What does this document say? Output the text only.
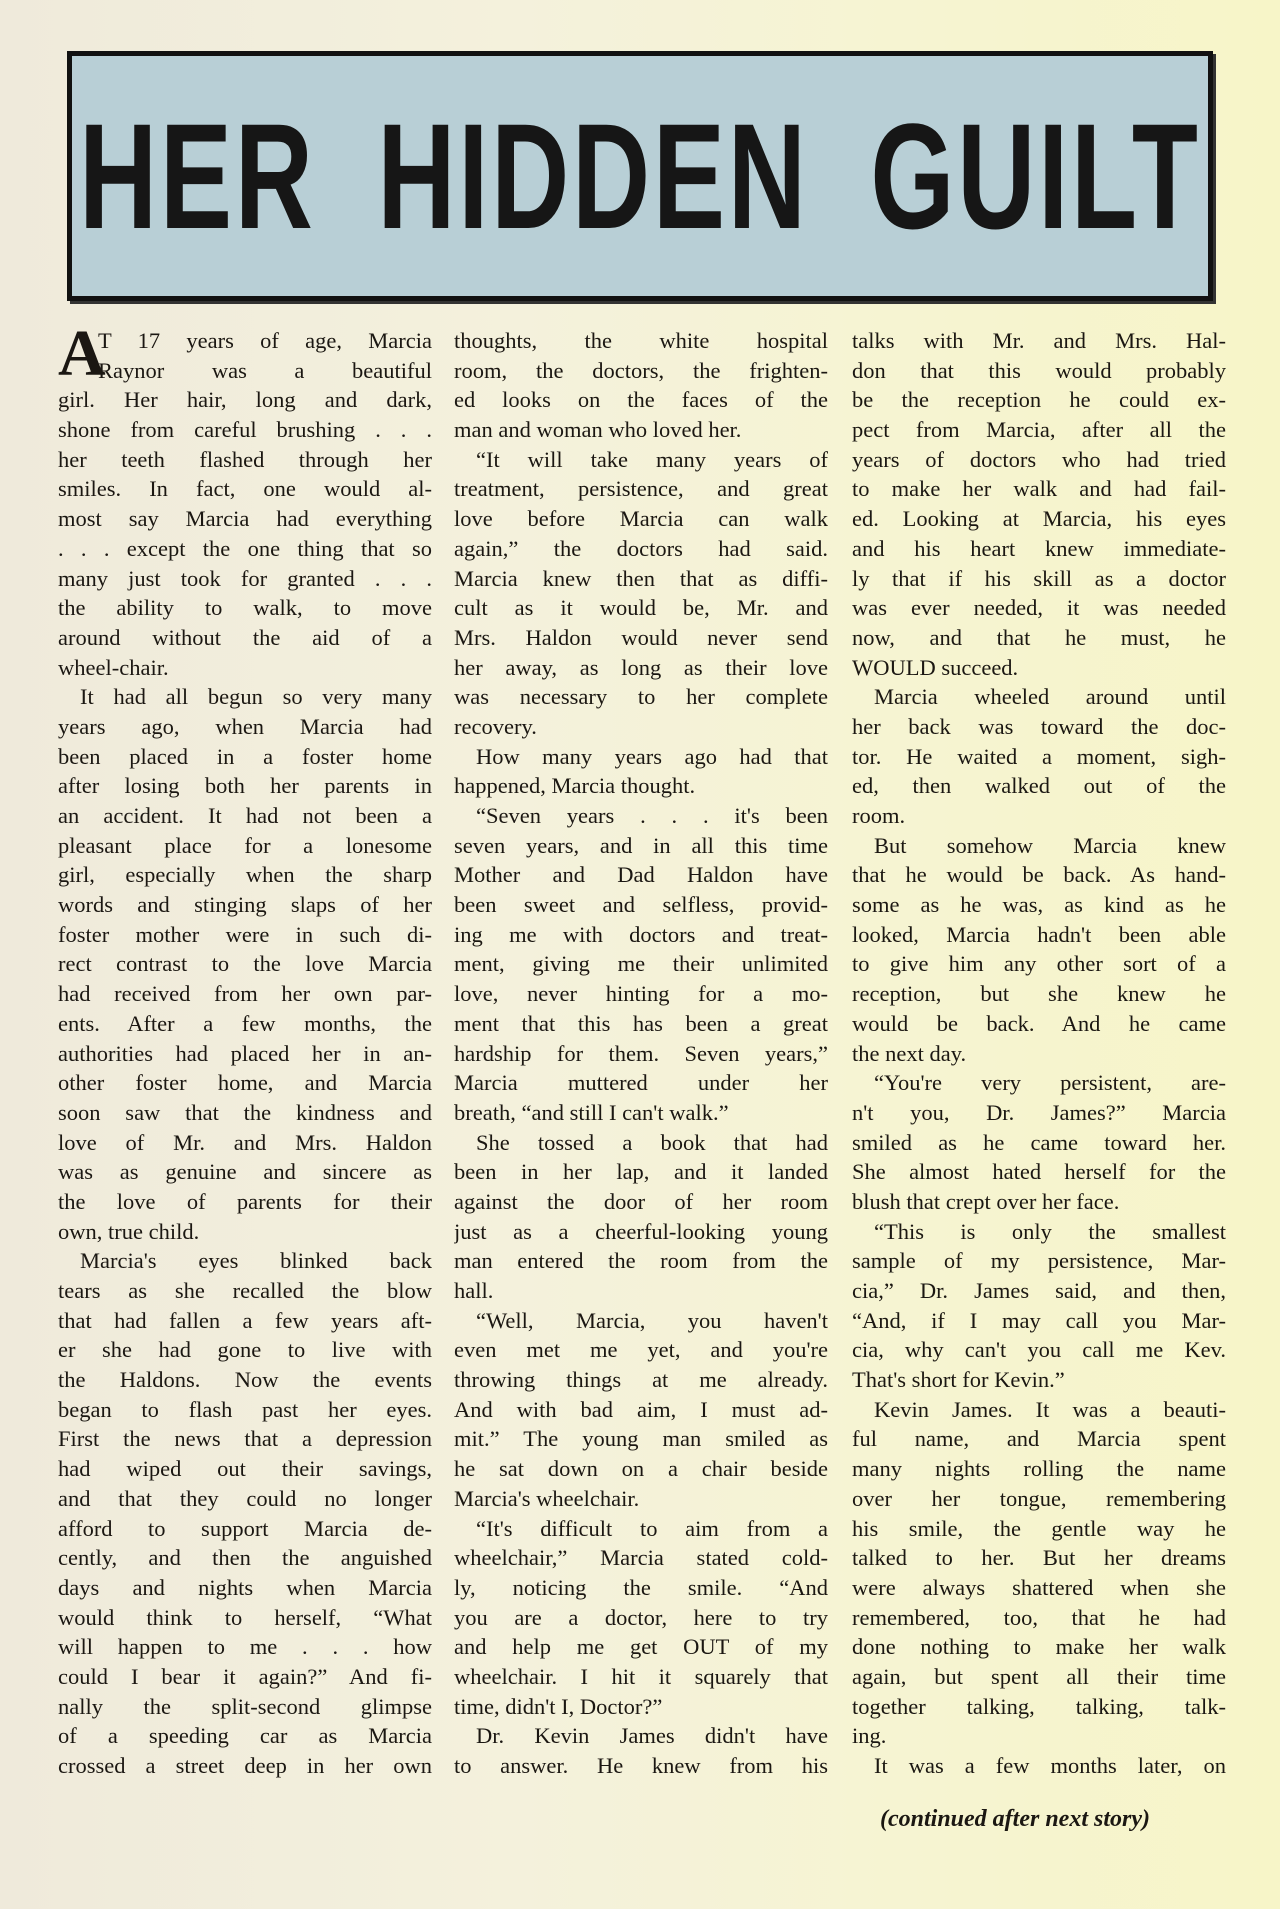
HER HIDDEN GUILT
A
T 17 years of age, Marcia
Raynor was a beautiful
girl. Her hair, long and dark,
shone from careful brushing . . .
her teeth flashed through her
smiles. In fact, one would al-
most say Marcia had everything
. . . except the one thing that so
many just took for granted . . .
the ability to walk, to move
around without the aid of a
wheel-chair.
It had all begun so very many
years ago, when Marcia had
been placed in a foster home
after losing both her parents in
an accident. It had not been a
pleasant place for a lonesome
girl, especially when the sharp
words and stinging slaps of her
foster mother were in such di-
rect contrast to the love Marcia
had received from her own par-
ents. After a few months, the
authorities had placed her in an-
other foster home, and Marcia
soon saw that the kindness and
love of Mr. and Mrs. Haldon
was as genuine and sincere as
the love of parents for their
own, true child.
Marcia's eyes blinked back
tears as she recalled the blow
that had fallen a few years aft-
er she had gone to live with
the Haldons. Now the events
began to flash past her eyes.
First the news that a depression
had wiped out their savings,
and that they could no longer
afford to support Marcia de-
cently, and then the anguished
days and nights when Marcia
would think to herself, “What
will happen to me . . . how
could I bear it again?” And fi-
nally the split-second glimpse
of a speeding car as Marcia
crossed a street deep in her own
thoughts, the white hospital
room, the doctors, the frighten-
ed looks on the faces of the
man and woman who loved her.
“It will take many years of
treatment, persistence, and great
love before Marcia can walk
again,” the doctors had said.
Marcia knew then that as diffi-
cult as it would be, Mr. and
Mrs. Haldon would never send
her away, as long as their love
was necessary to her complete
recovery.
How many years ago had that
happened, Marcia thought.
“Seven years . . . it's been
seven years, and in all this time
Mother and Dad Haldon have
been sweet and selfless, provid-
ing me with doctors and treat-
ment, giving me their unlimited
love, never hinting for a mo-
ment that this has been a great
hardship for them. Seven years,”
Marcia muttered under her
breath, “and still I can't walk.”
She tossed a book that had
been in her lap, and it landed
against the door of her room
just as a cheerful-looking young
man entered the room from the
hall.
“Well, Marcia, you haven't
even met me yet, and you're
throwing things at me already.
And with bad aim, I must ad-
mit.” The young man smiled as
he sat down on a chair beside
Marcia's wheelchair.
“It's difficult to aim from a
wheelchair,” Marcia stated cold-
ly, noticing the smile. “And
you are a doctor, here to try
and help me get OUT of my
wheelchair. I hit it squarely that
time, didn't I, Doctor?”
Dr. Kevin James didn't have
to answer. He knew from his
talks with Mr. and Mrs. Hal-
don that this would probably
be the reception he could ex-
pect from Marcia, after all the
years of doctors who had tried
to make her walk and had fail-
ed. Looking at Marcia, his eyes
and his heart knew immediate-
ly that if his skill as a doctor
was ever needed, it was needed
now, and that he must, he
WOULD succeed.
Marcia wheeled around until
her back was toward the doc-
tor. He waited a moment, sigh-
ed, then walked out of the
room.
But somehow Marcia knew
that he would be back. As hand-
some as he was, as kind as he
looked, Marcia hadn't been able
to give him any other sort of a
reception, but she knew he
would be back. And he came
the next day.
“You're very persistent, are-
n't you, Dr. James?” Marcia
smiled as he came toward her.
She almost hated herself for the
blush that crept over her face.
“This is only the smallest
sample of my persistence, Mar-
cia,” Dr. James said, and then,
“And, if I may call you Mar-
cia, why can't you call me Kev.
That's short for Kevin.”
Kevin James. It was a beauti-
ful name, and Marcia spent
many nights rolling the name
over her tongue, remembering
his smile, the gentle way he
talked to her. But her dreams
were always shattered when she
remembered, too, that he had
done nothing to make her walk
again, but spent all their time
together talking, talking, talk-
ing.
It was a few months later, on
(continued after next story)
